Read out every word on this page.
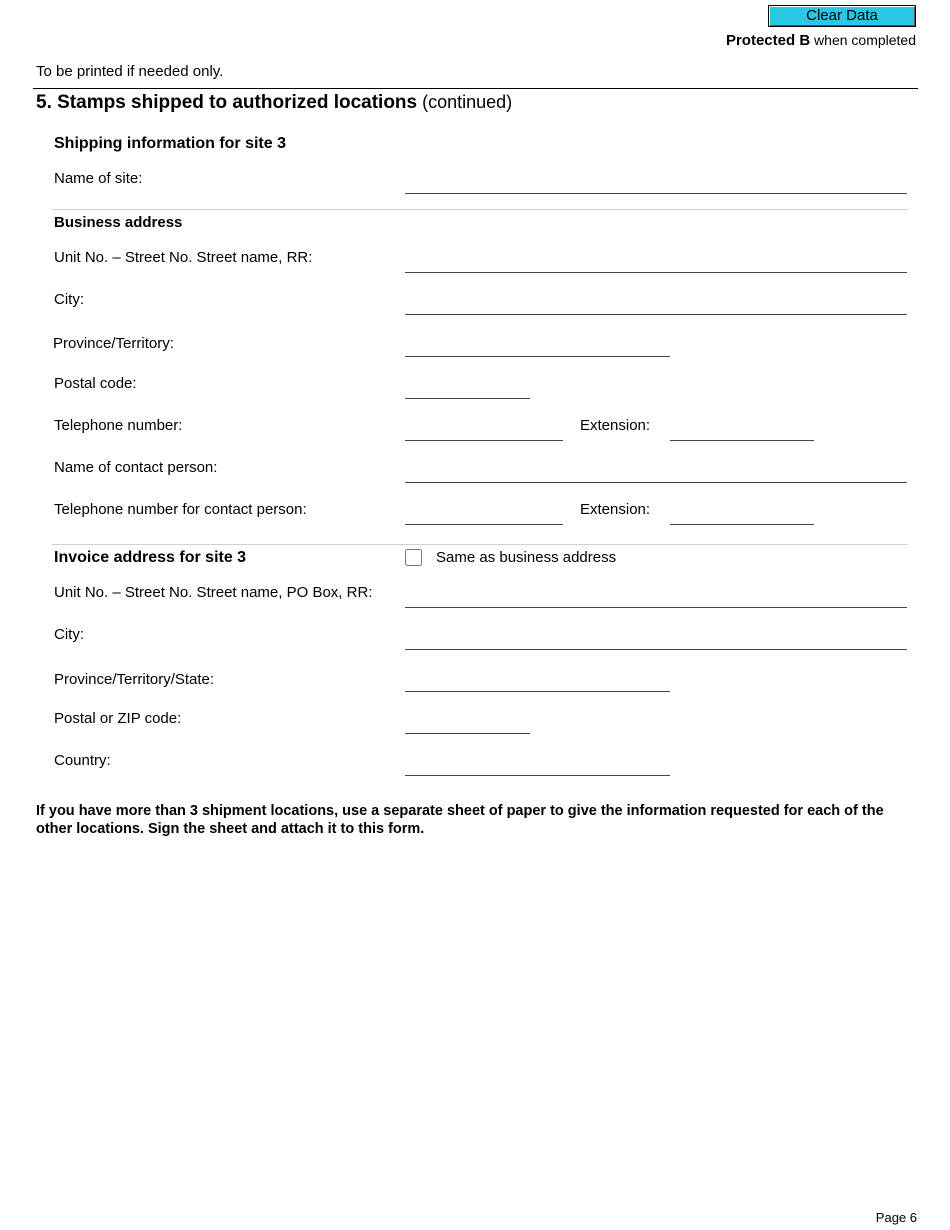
Clear Data
Protected B when completed
To be printed if needed only.
5. Stamps shipped to authorized locations (continued)
Shipping information for site 3
Name of site:
Business address
Unit No. – Street No. Street name, RR:
City:
Province/Territory:
Postal code:
Telephone number:	Extension:
Name of contact person:
Telephone number for contact person:	Extension:
Invoice address for site 3	Same as business address
Unit No. – Street No. Street name, PO Box, RR:
City:
Province/Territory/State:
Postal or ZIP code:
Country:
If you have more than 3 shipment locations, use a separate sheet of paper to give the information requested for each of the other locations. Sign the sheet and attach it to this form.
Page 6
